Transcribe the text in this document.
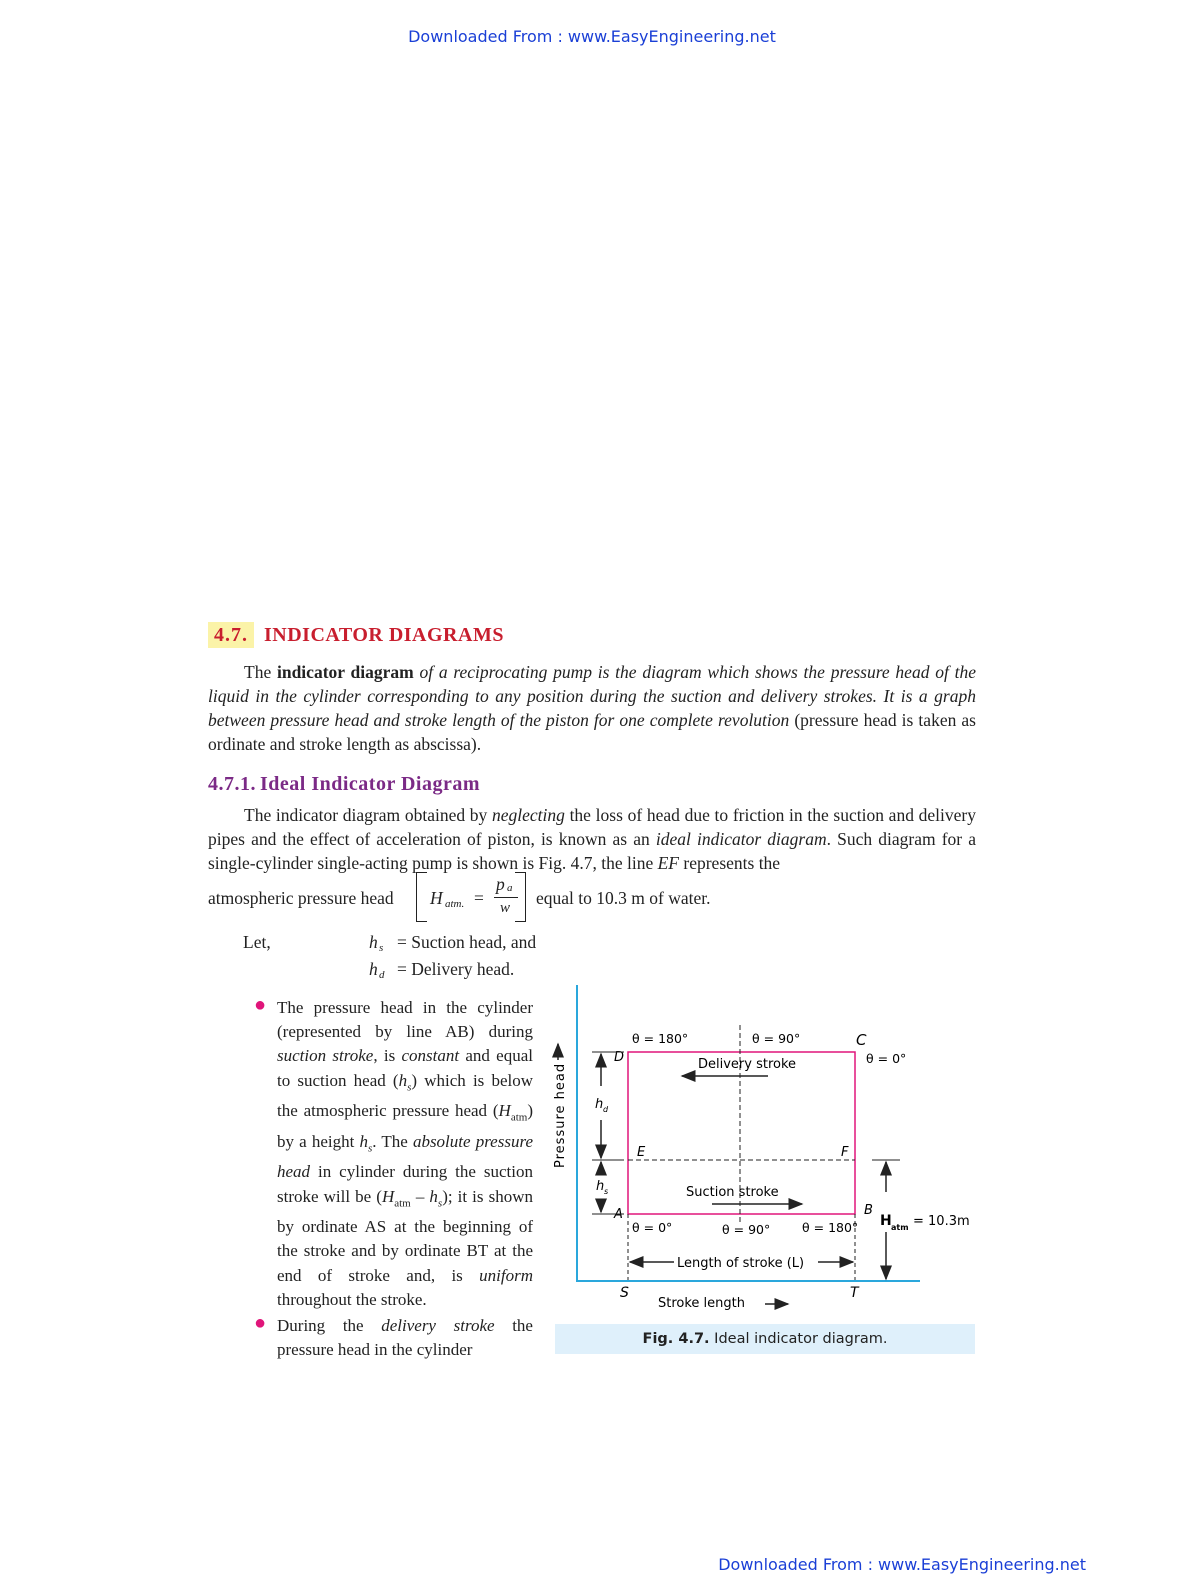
Downloaded From : www.EasyEngineering.net
Downloaded From : www.EasyEngineering.net
4.7. INDICATOR DIAGRAMS

The indicator diagram of a reciprocating pump is the diagram which shows the pressure head of the liquid in the cylinder corresponding to any position during the suction and delivery strokes. It is a graph between pressure head and stroke length of the piston for one complete revolution (pressure head is taken as ordinate and stroke length as abscissa).

4.7.1. Ideal Indicator Diagram

The indicator diagram obtained by neglecting the loss of head due to friction in the suction and delivery pipes and the effect of acceleration of piston, is known as an ideal indicator diagram. Such diagram for a single-cylinder single-acting pump is shown is Fig. 4.7, the line EF represents the

atmospheric pressure head H atm. =
p a
w equal to 10.3 m of water.
Let,	h s = Suction head, and
h d = Delivery head.
● The pressure head in the cylinder (represented by line AB) during suction stroke, is constant and equal to suction head $(h_s)$ which is below the atmospheric pressure head $(H_{atm})$ by a height $h_s$. The absolute pressure head in cylinder during the suction stroke will be $(H_{atm} - h_s)$; it is shown by ordinate AS at the beginning of the stroke and by ordinate BT at the end of stroke and, is uniform throughout the stroke.
● During the delivery stroke the pressure head in the cylinder
Pressure head
D
C
E	F
A	B
S	T
θ = 180°	θ = 90°
θ = 0°
θ = 0°	θ = 90°	θ = 180°
Delivery stroke
Suction stroke
h d
h s
Length of stroke (L)
H atm = 10.3m
Stroke length
Fig. 4.7. Ideal indicator diagram.
